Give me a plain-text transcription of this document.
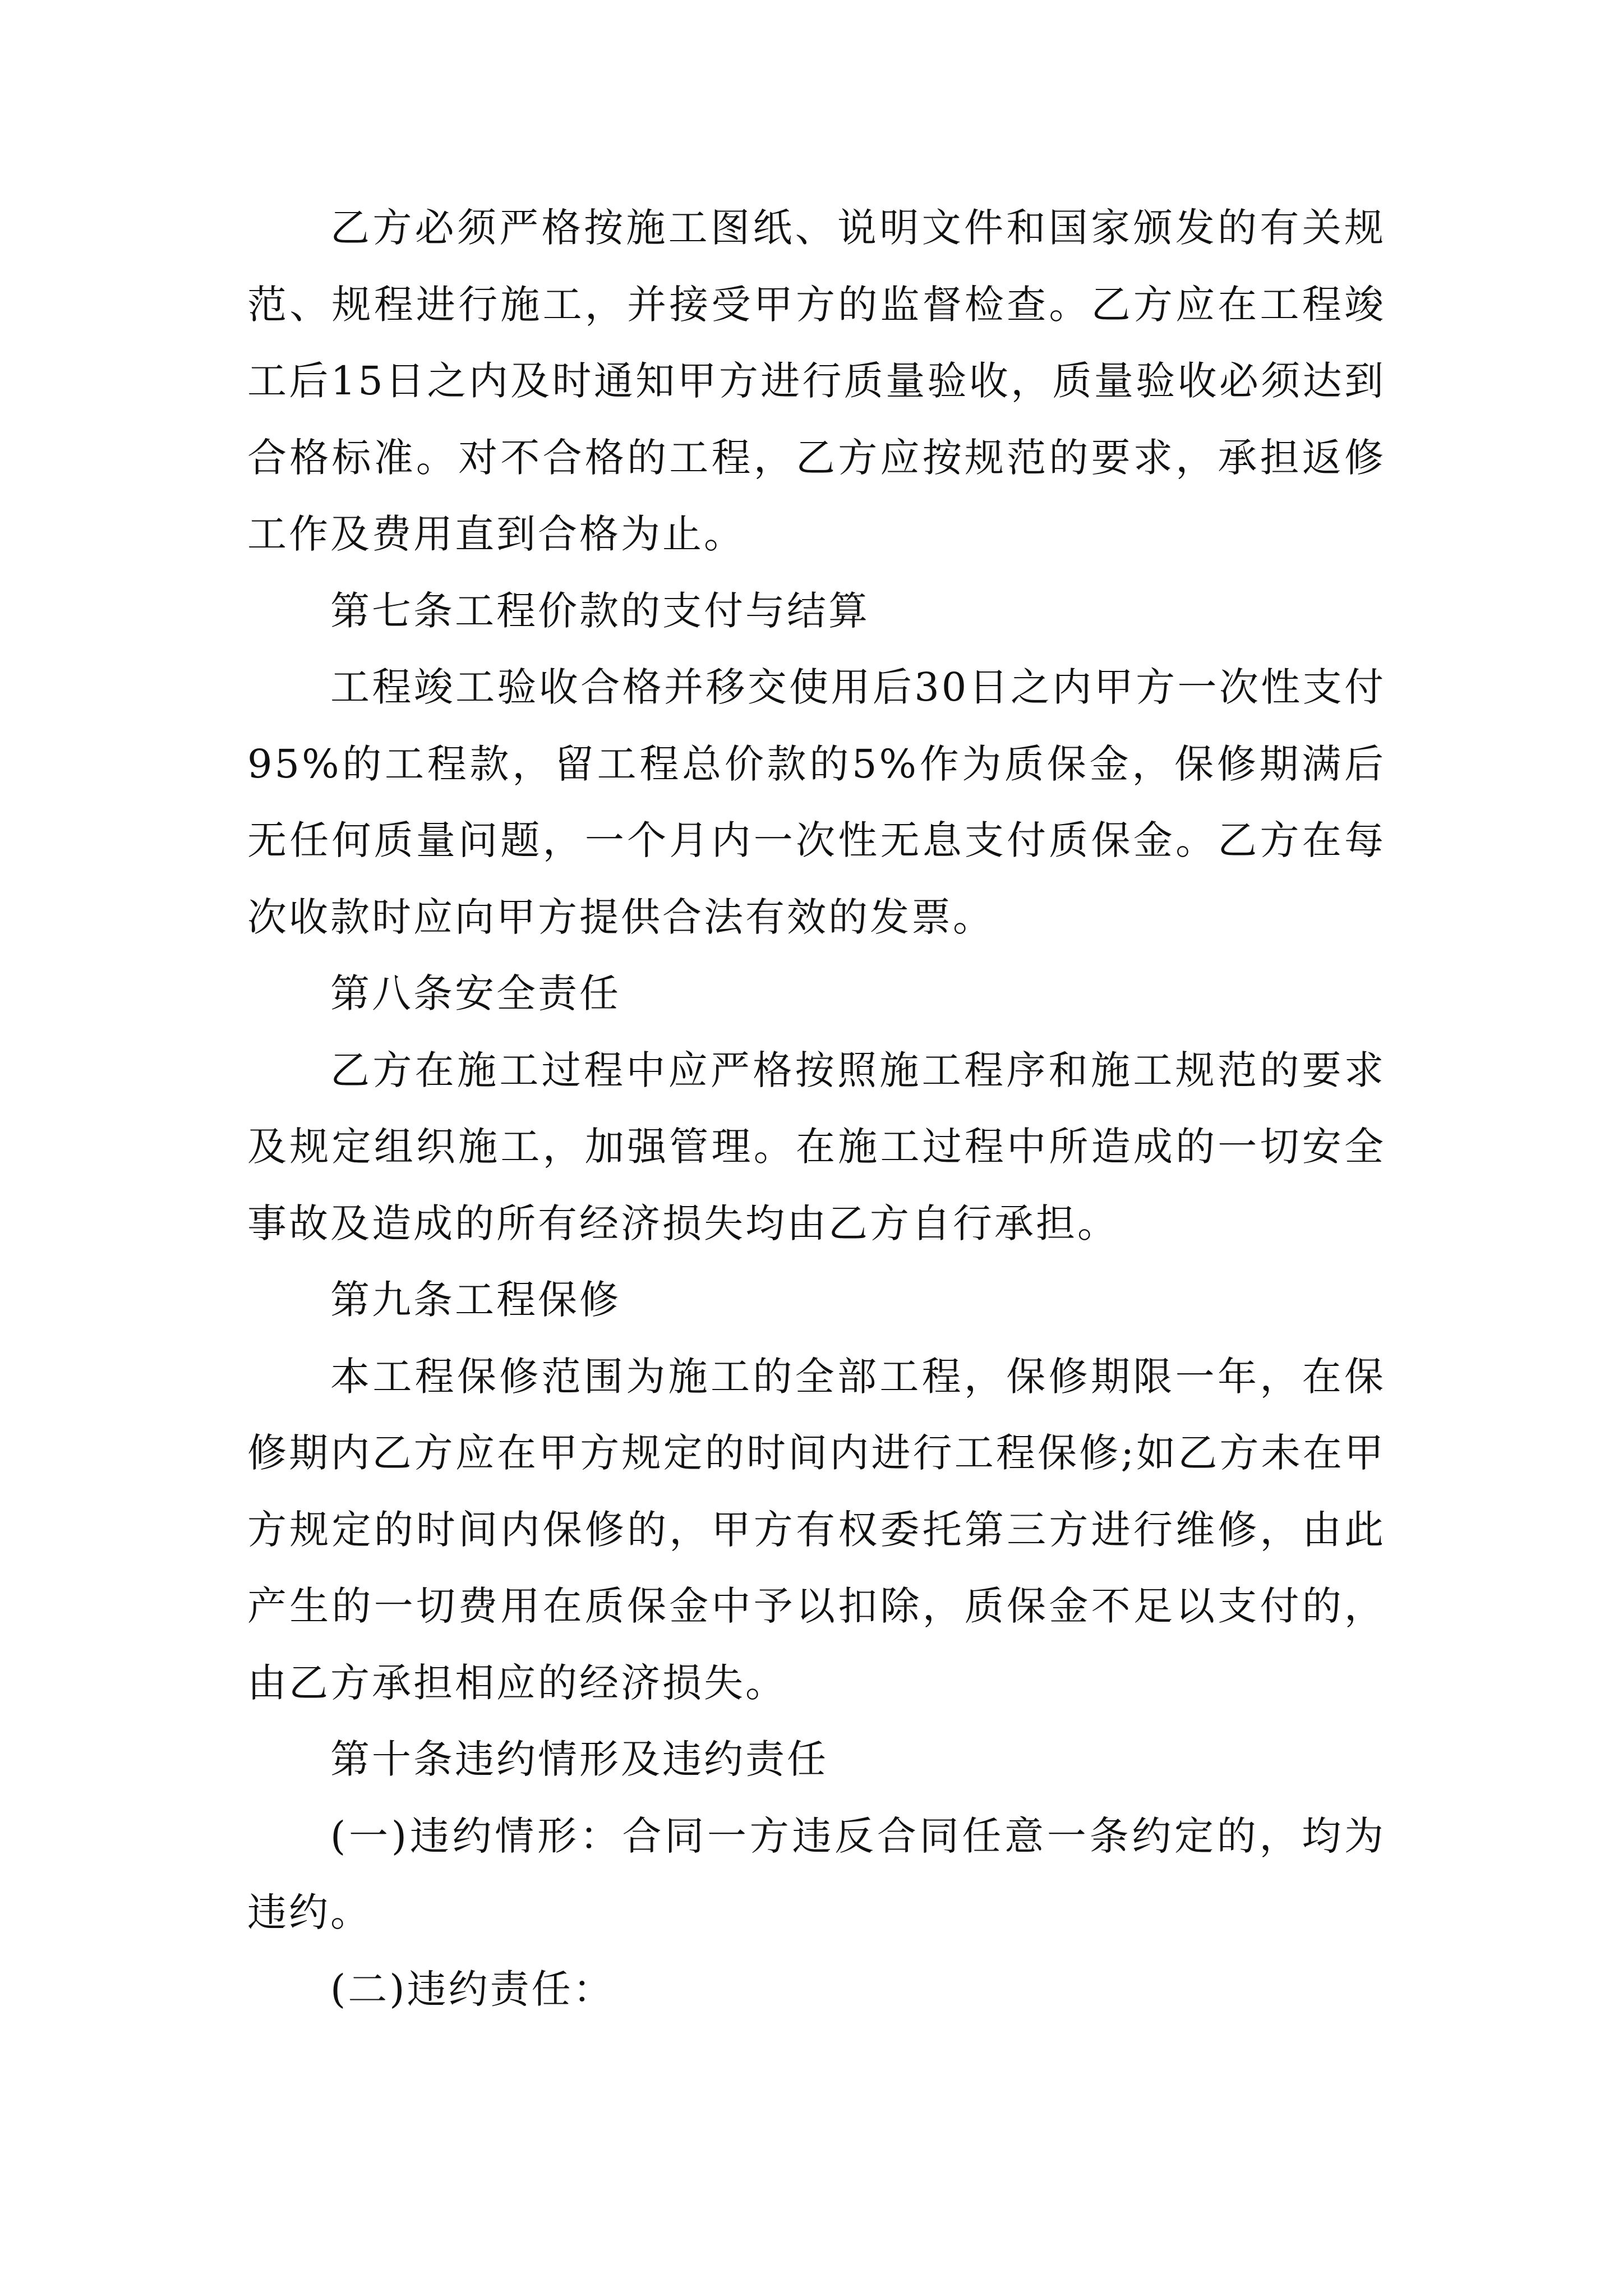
乙方必须严格按施工图纸、说明文件和国家颁发的有关规范、规程进行施工，并接受甲方的监督检查。乙方应在工程竣工后15日之内及时通知甲方进行质量验收，质量验收必须达到合格标准。对不合格的工程，乙方应按规范的要求，承担返修工作及费用直到合格为止。

第七条工程价款的支付与结算

工程竣工验收合格并移交使用后30日之内甲方一次性支付95%的工程款，留工程总价款的5%作为质保金，保修期满后无任何质量问题，一个月内一次性无息支付质保金。乙方在每次收款时应向甲方提供合法有效的发票。

第八条安全责任

乙方在施工过程中应严格按照施工程序和施工规范的要求及规定组织施工，加强管理。在施工过程中所造成的一切安全事故及造成的所有经济损失均由乙方自行承担。

第九条工程保修

本工程保修范围为施工的全部工程，保修期限一年，在保修期内乙方应在甲方规定的时间内进行工程保修;如乙方未在甲方规定的时间内保修的，甲方有权委托第三方进行维修，由此产生的一切费用在质保金中予以扣除，质保金不足以支付的，由乙方承担相应的经济损失。

第十条违约情形及违约责任

(一)违约情形：合同一方违反合同任意一条约定的，均为违约。

(二)违约责任：
